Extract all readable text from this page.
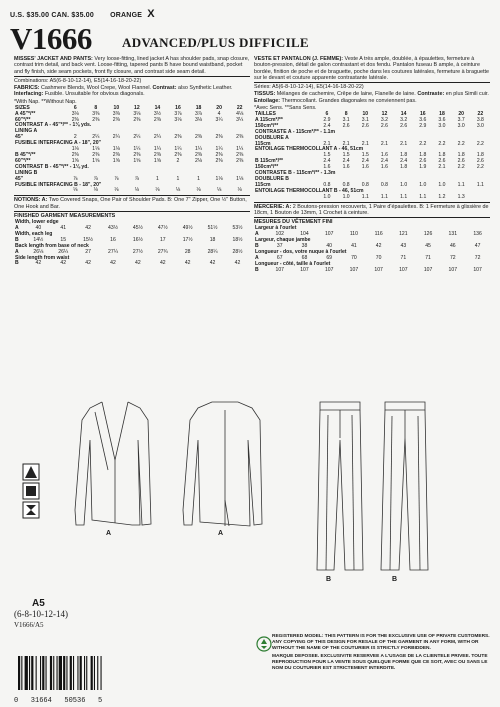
U.S. $35.00 CAN. $35.00 ORANGE X
V1666 ADVANCED/PLUS DIFFICILE

MISSES' JACKET AND PANTS: Very loose-fitting, lined jacket A has shoulder pads, snap closure, contrast trim detail, and back vent. Loose-fitting, tapered pants B have bound waistband, pocket and fly finish, side seam pockets, front fly closure, and contrast side seam detail.

Combinations: A5(6-8-10-12-14), E5(14-16-18-20-22)

FABRICS: Cashmere Blends, Wool Crepe, Wool Flannel. Contrast: also Synthetic Leather. Interfacing: Fusible. Unsuitable for obvious diagonals.

*With Nap. **Without Nap.

SIZES	6	8	10	12	14	16	18	20	22
A 45"*/**	3⅛	3⅜	3⅜	3⅛	3½	3⅞	3⅞	4	4⅛
60"*/**	2⅜	2⅜	2⅜	2⅜	2⅜	3⅛	3⅛	3¼	3¼
CONTRAST A - 45"*/** - 1⅛ yds.									
LINING A									
45"	2	2¼	2¼	2¼	2¼	2⅜	2⅜	2⅜	2⅜
FUSIBLE INTERFACING A - 18", 20"									
	1⅛	1⅛	1⅛	1¼	1¼	1¼	1¼	1¼	1¼
B 45"*/**	2⅜	2⅜	2⅜	2⅜	2⅜	2⅜	2⅜	2⅜	2⅜
60"*/**	1⅝	1⅝	1⅝	1⅝	1⅝	2	2⅛	2⅜	2⅜
CONTRAST B - 45"*/** - 1⅛ yd.									
LINING B									
45"	⅞	⅞	⅞	⅞	1	1	1	1⅛	1⅛
FUSIBLE INTERFACING B - 18", 20"									
	⅛	⅛	⅛	⅛	⅛	⅛	⅛	⅛	⅛

NOTIONS: A: Two Covered Snaps, One Pair of Shoulder Pads. B: One 7" Zipper, One ½" Button, One Hook and Bar.

FINISHED GARMENT MEASUREMENTS

Width, lower edge									
A	40	41	42	43½	45½	47½	49½	51½	53½
Width, each leg									
B	14½	15	15½	16	16½	17	17½	18	18½
Back length from base of neck									
A	26⅛	26¼	27	27¼	27½	27¾	28	28¼	28½
Side length from waist									
B	42	42	42	42	42	42	42	42	42

VESTE ET PANTALON (J. FEMME): Veste A très ample, doublée, à épaulettes, fermeture à bouton-pression, détail de galon contrastant et dos fendu. Pantalon fuseau B ample, à ceinture bordée, finition de poche et de braguette, poche dans les coutures latérales, fermeture à braguette sur le devant et couture apparente contrastante latérale.

Séries: A5(6-8-10-12-14), E5(14-16-18-20-22)

TISSUS: Mélanges de cachemire, Crêpe de laine, Flanelle de laine. Contraste: en plus Simili cuir. Entoilage: Thermocollant. Grandes diagonales ne conviennent pas.

*Avec Sens. **Sans Sens.

TAILLES	6	8	10	12	14	16	18	20	22
A 115cm*/**	2.9	3.1	3.1	3.2	3.2	3.6	3.6	3.7	3.8
150cm*/**	2.4	2.6	2.6	2.6	2.6	2.9	3.0	3.0	3.0
CONTRASTE A - 115cm*/** - 1.1m									
DOUBLURE A									
115cm	2.1	2.1	2.1	2.1	2.1	2.2	2.2	2.2	2.2
ENTOILAGE THERMOCOLLANT A - 46, 51cm									
	1.5	1.5	1.5	1.6	1.8	1.8	1.8	1.8	1.8
B 115cm*/**	2.4	2.4	2.4	2.4	2.4	2.6	2.6	2.6	2.6
150cm*/**	1.6	1.6	1.6	1.6	1.8	1.9	2.1	2.2	2.2
CONTRASTE B - 115cm*/** - 1.3m									
DOUBLURE B									
115cm	0.8	0.8	0.8	0.8	1.0	1.0	1.0	1.1	1.1
ENTOILAGE THERMOCOLLANT B - 46, 51cm									
	1.0	1.0	1.1	1.1	1.1	1.1	1.2	1.3	

MERCERIE: A: 2 Boutons-pression recouverts, 1 Paire d'épaulettes. B: 1 Fermeture à glissière de 18cm, 1 Bouton de 13mm, 1 Crochet à ceinture.

MESURES DU VÊTEMENT FINI

Largeur à l'ourlet									
A	102	104	107	110	116	121	126	131	136
Largeur, chaque jambe									
B	37	38	40	41	42	43	45	46	47
Longueur - dos, votre nuque à l'ourlet									
A	67	68	69	70	70	71	71	72	72
Longueur - côté, taille à l'ourlet									
B	107	107	107	107	107	107	107	107	107
A	A
B	B
A5
(6-8-10-12-14)
V1666/A5
0   31664   50536   5

REGISTERED MODEL: THIS PATTERN IS FOR THE EXCLUSIVE USE OF PRIVATE CUSTOMERS. ANY COPYING OF THIS DESIGN FOR RESALE OF THE GARMENT IN ANY FORM, WITH OR WITHOUT THE NAME OF THE COUTURIER IS STRICTLY FORBIDDEN.

MARQUE DEPOSEE. EXCLUSIVITE RESERVEE A L'USAGE DE LA CLIENTELE PRIVEE. TOUTE REPRODUCTION POUR LA VENTE SOUS QUELQUE FORME QUE CE SOIT, AVEC OU SANS LE NOM DU COUTURIER EST STRICTEMENT INTERDITE.
